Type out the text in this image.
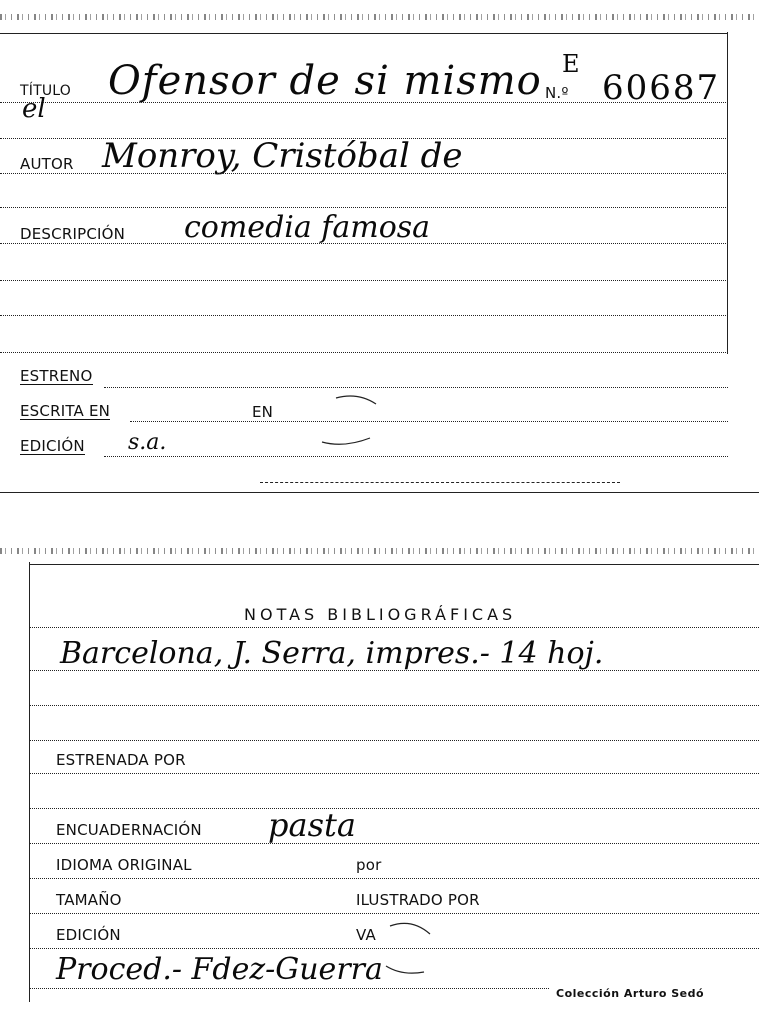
TÍTULO Ofensor de si mismo
el
E
N.º 60687
AUTOR Monroy, Cristóbal de
DESCRIPCIÓN comedia famosa
ESTRENO
ESCRITA EN	EN
EDICIÓN s.a.
NOTAS BIBLIOGRÁFICAS
Barcelona, J. Serra, impres.- 14 hoj.
ESTRENADA POR
ENCUADERNACIÓN pasta
IDIOMA ORIGINAL	por
TAMAÑO	ILUSTRADO POR
EDICIÓN	VA
Proced.- Fdez-Guerra
Colección Arturo Sedó
